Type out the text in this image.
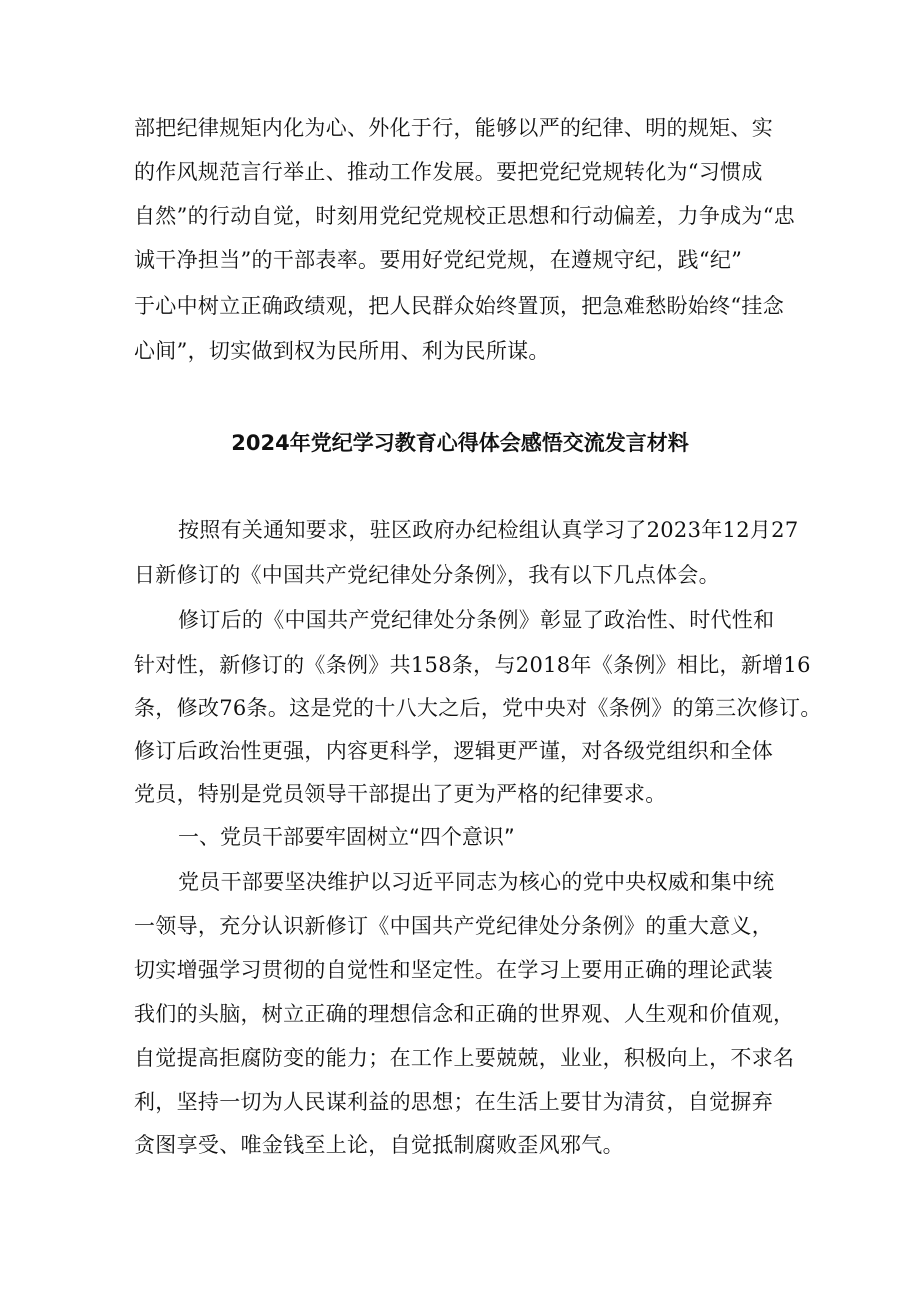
部把纪律规矩内化为心、外化于行，能够以严的纪律、明的规矩、实
的作风规范言行举止、推动工作发展。要把党纪党规转化为“习惯成
自然”的行动自觉，时刻用党纪党规校正思想和行动偏差，力争成为“忠
诚干净担当”的干部表率。要用好党纪党规，在遵规守纪，践“纪”
于心中树立正确政绩观，把人民群众始终置顶，把急难愁盼始终“挂念
心间”，切实做到权为民所用、利为民所谋。
2024年党纪学习教育心得体会感悟交流发言材料
按照有关通知要求，驻区政府办纪检组认真学习了2023年12月27
日新修订的《中国共产党纪律处分条例》，我有以下几点体会。
修订后的《中国共产党纪律处分条例》彰显了政治性、时代性和
针对性，新修订的《条例》共158条，与2018年《条例》相比，新增16
条，修改76条。这是党的十八大之后，党中央对《条例》的第三次修订。
修订后政治性更强，内容更科学，逻辑更严谨，对各级党组织和全体
党员，特别是党员领导干部提出了更为严格的纪律要求。
一、党员干部要牢固树立“四个意识”
党员干部要坚决维护以习近平同志为核心的党中央权威和集中统
一领导，充分认识新修订《中国共产党纪律处分条例》的重大意义，
切实增强学习贯彻的自觉性和坚定性。在学习上要用正确的理论武装
我们的头脑，树立正确的理想信念和正确的世界观、人生观和价值观，
自觉提高拒腐防变的能力；在工作上要兢兢，业业，积极向上，不求名
利，坚持一切为人民谋利益的思想；在生活上要甘为清贫，自觉摒弃
贪图享受、唯金钱至上论，自觉抵制腐败歪风邪气。
